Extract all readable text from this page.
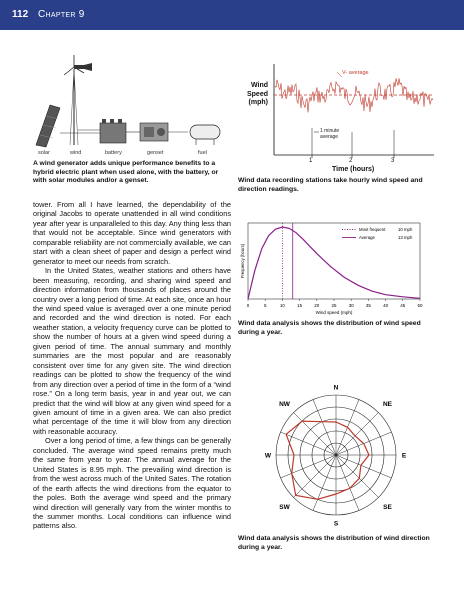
112 Chapter 9
solar	wind	battery	genset	fuel
A wind generator adds unique performance benefits to a hybrid electric plant when used alone, with the battery, or with solar modules and/or a genset.
Wind
Speed
(mph)
V- average
1 minute
average
1	2	3
Time (hours)
Wind data recording stations take hourly wind speed and direction readings.
0	5	10	15	20	25	30	35	40	45	50
Wind speed (mph)
Frequency (hours)
Most frequent	10 mph
Average	13 mph
Wind data analysis shows the distribution of wind speed during a year.
N
NE
E
SE
S
SW
W
NW
Wind data analysis shows the distribution of wind direction during a year.

tower. From all I have learned, the dependability of the original Jacobs to operate unattended in all wind conditions year after year is unparalleled to this day. Any thing less than that would not be acceptable. Since wind generators with comparable reliability are not commercially available, we can start with a clean sheet of paper and design a perfect wind generator to meet our needs from scratch.

In the United States, weather stations and others have been measuring, recording, and sharing wind speed and direction information from thousands of places around the country over a long period of time. At each site, once an hour the wind speed value is averaged over a one minute period and recorded and the wind direction is noted. For each weather station, a velocity frequency curve can be plotted to show the number of hours at a given wind speed during a given period of time. The annual summary and monthly summaries are the most popular and are reasonably consistent over time for any given site. The wind direction readings can be plotted to show the frequency of the wind from any direction over a period of time in the form of a “wind rose.” On a long term basis, year in and year out, we can predict that the wind will blow at any given wind speed for a given amount of time in a given area. We can also predict what percentage of the time it will blow from any direction with reasonable accuracy.

Over a long period of time, a few things can be generally concluded. The average wind speed remains pretty much the same from year to year. The annual average for the United States is 8.95 mph. The prevailing wind direction is from the west across much of the United Sates. The rotation of the earth affects the wind directions from the equator to the poles. Both the average wind speed and the primary wind direction will generally vary from the winter months to the summer months. Local conditions can influence wind patterns also.
